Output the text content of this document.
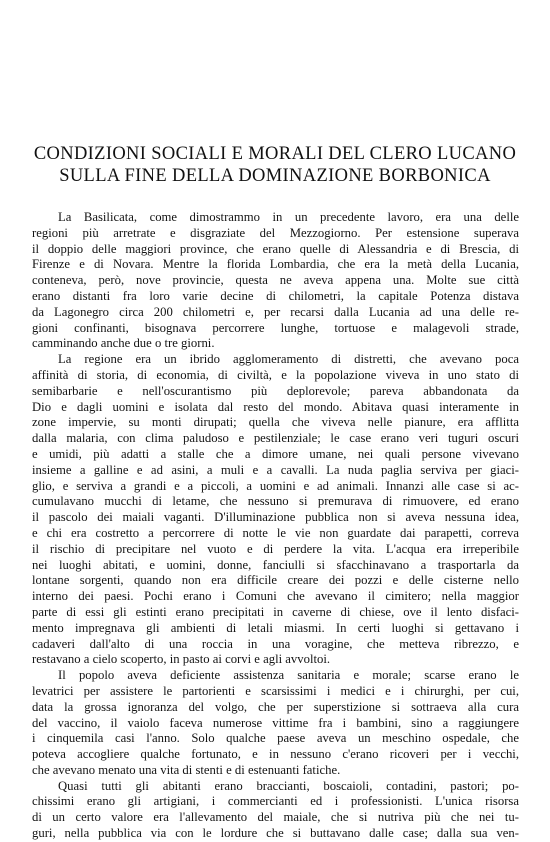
CONDIZIONI SOCIALI E MORALI DEL CLERO LUCANO
SULLA FINE DELLA DOMINAZIONE BORBONICA
La Basilicata, come dimostrammo in un precedente lavoro, era una delle
regioni più arretrate e disgraziate del Mezzogiorno. Per estensione superava
il doppio delle maggiori province, che erano quelle di Alessandria e di Brescia, di
Firenze e di Novara. Mentre la florida Lombardia, che era la metà della Lucania,
conteneva, però, nove provincie, questa ne aveva appena una. Molte sue città
erano distanti fra loro varie decine di chilometri, la capitale Potenza distava
da Lagonegro circa 200 chilometri e, per recarsi dalla Lucania ad una delle re-
gioni confinanti, bisognava percorrere lunghe, tortuose e malagevoli strade,
camminando anche due o tre giorni.
La regione era un ibrido agglomeramento di distretti, che avevano poca
affinità di storia, di economia, di civiltà, e la popolazione viveva in uno stato di
semibarbarie e nell'oscurantismo più deplorevole; pareva abbandonata da
Dio e dagli uomini e isolata dal resto del mondo. Abitava quasi interamente in
zone impervie, su monti dirupati; quella che viveva nelle pianure, era afflitta
dalla malaria, con clima paludoso e pestilenziale; le case erano veri tuguri oscuri
e umidi, più adatti a stalle che a dimore umane, nei quali persone vivevano
insieme a galline e ad asini, a muli e a cavalli. La nuda paglia serviva per giaci-
glio, e serviva a grandi e a piccoli, a uomini e ad animali. Innanzi alle case si ac-
cumulavano mucchi di letame, che nessuno si premurava di rimuovere, ed erano
il pascolo dei maiali vaganti. D'illuminazione pubblica non si aveva nessuna idea,
e chi era costretto a percorrere di notte le vie non guardate dai parapetti, correva
il rischio di precipitare nel vuoto e di perdere la vita. L'acqua era irreperibile
nei luoghi abitati, e uomini, donne, fanciulli si sfacchinavano a trasportarla da
lontane sorgenti, quando non era difficile creare dei pozzi e delle cisterne nello
interno dei paesi. Pochi erano i Comuni che avevano il cimitero; nella maggior
parte di essi gli estinti erano precipitati in caverne di chiese, ove il lento disfaci-
mento impregnava gli ambienti di letali miasmi. In certi luoghi si gettavano i
cadaveri dall'alto di una roccia in una voragine, che metteva ribrezzo, e
restavano a cielo scoperto, in pasto ai corvi e agli avvoltoi.
Il popolo aveva deficiente assistenza sanitaria e morale; scarse erano le
levatrici per assistere le partorienti e scarsissimi i medici e i chirurghi, per cui,
data la grossa ignoranza del volgo, che per superstizione si sottraeva alla cura
del vaccino, il vaiolo faceva numerose vittime fra i bambini, sino a raggiungere
i cinquemila casi l'anno. Solo qualche paese aveva un meschino ospedale, che
poteva accogliere qualche fortunato, e in nessuno c'erano ricoveri per i vecchi,
che avevano menato una vita di stenti e di estenuanti fatiche.
Quasi tutti gli abitanti erano braccianti, boscaioli, contadini, pastori; po-
chissimi erano gli artigiani, i commercianti ed i professionisti. L'unica risorsa
di un certo valore era l'allevamento del maiale, che si nutriva più che nei tu-
guri, nella pubblica via con le lordure che si buttavano dalle case; dalla sua ven-
